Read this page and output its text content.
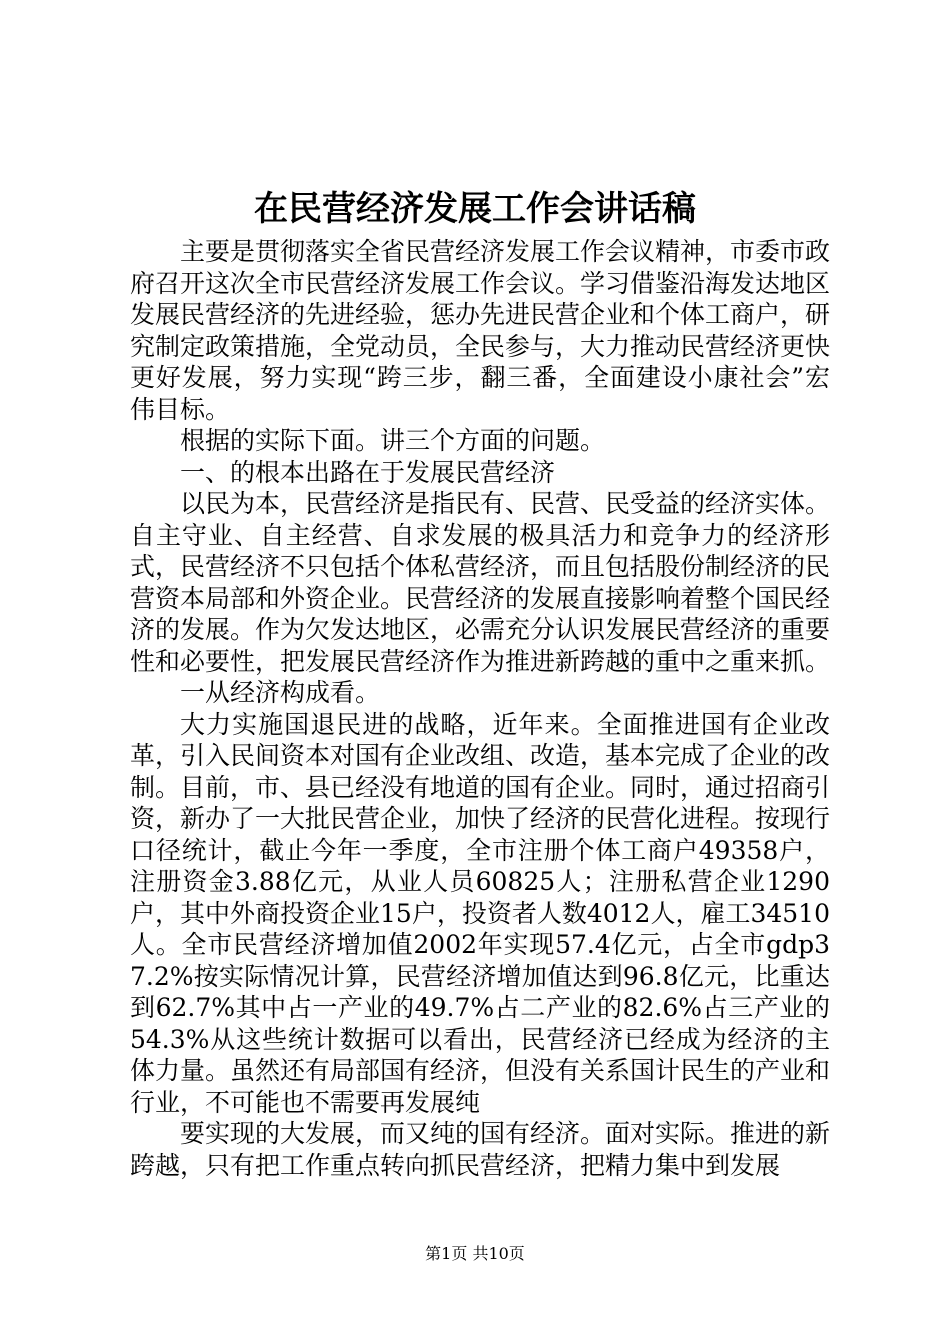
在民营经济发展工作会讲话稿

主要是贯彻落实全省民营经济发展工作会议精神，市委市政府召开这次全市民营经济发展工作会议。学习借鉴沿海发达地区发展民营经济的先进经验，惩办先进民营企业和个体工商户，研究制定政策措施，全党动员，全民参与，大力推动民营经济更快更好发展，努力实现“跨三步，翻三番，全面建设小康社会”宏伟目标。

根据的实际下面。讲三个方面的问题。

一、的根本出路在于发展民营经济

以民为本，民营经济是指民有、民营、民受益的经济实体。自主守业、自主经营、自求发展的极具活力和竞争力的经济形式，民营经济不只包括个体私营经济，而且包括股份制经济的民营资本局部和外资企业。民营经济的发展直接影响着整个国民经济的发展。作为欠发达地区，必需充分认识发展民营经济的重要性和必要性，把发展民营经济作为推进新跨越的重中之重来抓。

一从经济构成看。

大力实施国退民进的战略，近年来。全面推进国有企业改革，引入民间资本对国有企业改组、改造，基本完成了企业的改制。目前，市、县已经没有地道的国有企业。同时，通过招商引资，新办了一大批民营企业，加快了经济的民营化进程。按现行口径统计，截止今年一季度，全市注册个体工商户49358户，注册资金3.88亿元，从业人员60825人；注册私营企业1290户，其中外商投资企业15户，投资者人数4012人，雇工34510人。全市民营经济增加值2002年实现57.4亿元，占全市gdp37.2%按实际情况计算，民营经济增加值达到96.8亿元，比重达到62.7%其中占一产业的49.7%占二产业的82.6%占三产业的54.3%从这些统计数据可以看出，民营经济已经成为经济的主体力量。虽然还有局部国有经济，但没有关系国计民生的产业和行业，不可能也不需要再发展纯

要实现的大发展，而又纯的国有经济。面对实际。推进的新跨越，只有把工作重点转向抓民营经济，把精力集中到发展

第1页 共10页
